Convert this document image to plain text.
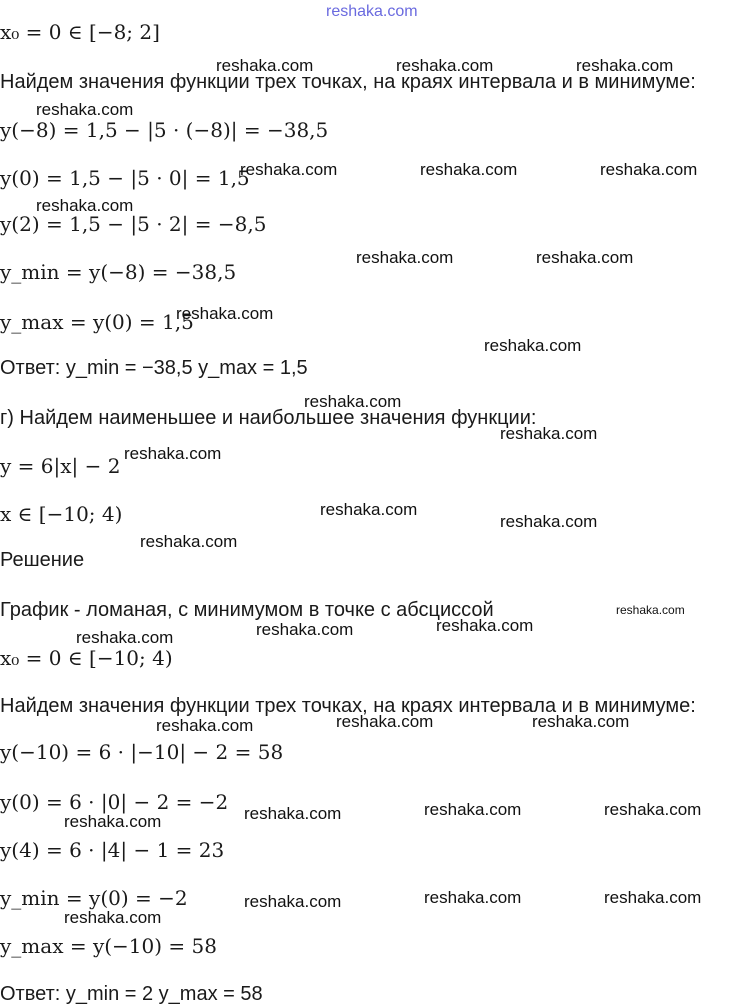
reshaka.com
x₀ = 0 ∈ [−8; 2]
Найдем значения функции трех точках, на краях интервала и в минимуме:
y(−8) = 1,5 − |5 · (−8)| = −38,5
y(0) = 1,5 − |5 · 0| = 1,5
y(2) = 1,5 − |5 · 2| = −8,5
y_min = y(−8) = −38,5
y_max = y(0) = 1,5
Ответ: y_min = −38,5 y_max = 1,5
г) Найдем наименьшее и наибольшее значения функции:
y = 6|x| − 2
x ∈ [−10; 4)
Решение
График - ломаная, с минимумом в точке с абсциссой
x₀ = 0 ∈ [−10; 4)
Найдем значения функции трех точках, на краях интервала и в минимуме:
y(−10) = 6 · |−10| − 2 = 58
y(0) = 6 · |0| − 2 = −2
y(4) = 6 · |4| − 1 = 23
y_min = y(0) = −2
y_max = y(−10) = 58
Ответ: y_min = 2 y_max = 58
reshaka.com	reshaka.com	reshaka.com
reshaka.com
reshaka.com	reshaka.com	reshaka.com
reshaka.com
reshaka.com	reshaka.com
reshaka.com
reshaka.com
reshaka.com
reshaka.com
reshaka.com
reshaka.com
reshaka.com
reshaka.com
reshaka.com
reshaka.com
reshaka.com
reshaka.com
reshaka.com	reshaka.com
reshaka.com
reshaka.com	reshaka.com
reshaka.com
reshaka.com
reshaka.com	reshaka.com
reshaka.com
reshaka.com
